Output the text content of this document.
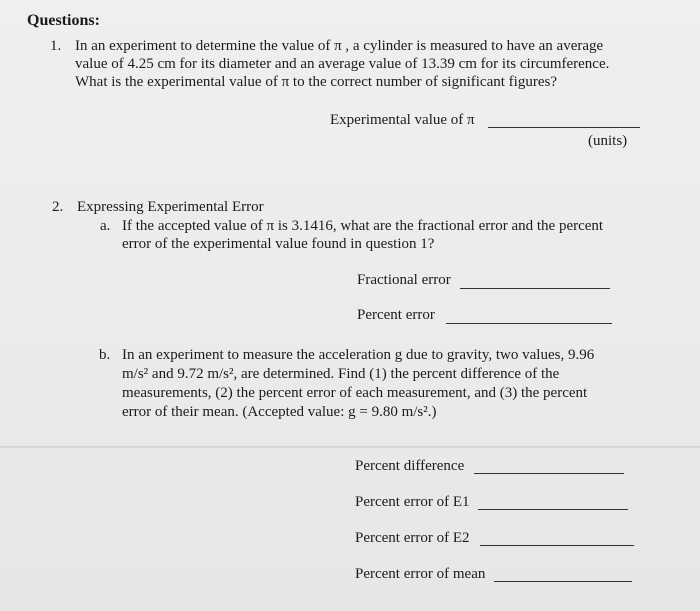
Questions:
1. In an experiment to determine the value of π , a cylinder is measured to have an average
value of 4.25 cm for its diameter and an average value of 13.39 cm for its circumference.
What is the experimental value of π to the correct number of significant figures?
Experimental value of π
(units)
2. Expressing Experimental Error
a. If the accepted value of π is 3.1416, what are the fractional error and the percent
error of the experimental value found in question 1?
Fractional error
Percent error
b. In an experiment to measure the acceleration g due to gravity, two values, 9.96
m/s² and 9.72 m/s², are determined. Find (1) the percent difference of the
measurements, (2) the percent error of each measurement, and (3) the percent
error of their mean. (Accepted value: g = 9.80 m/s².)
Percent difference
Percent error of E1
Percent error of E2
Percent error of mean
